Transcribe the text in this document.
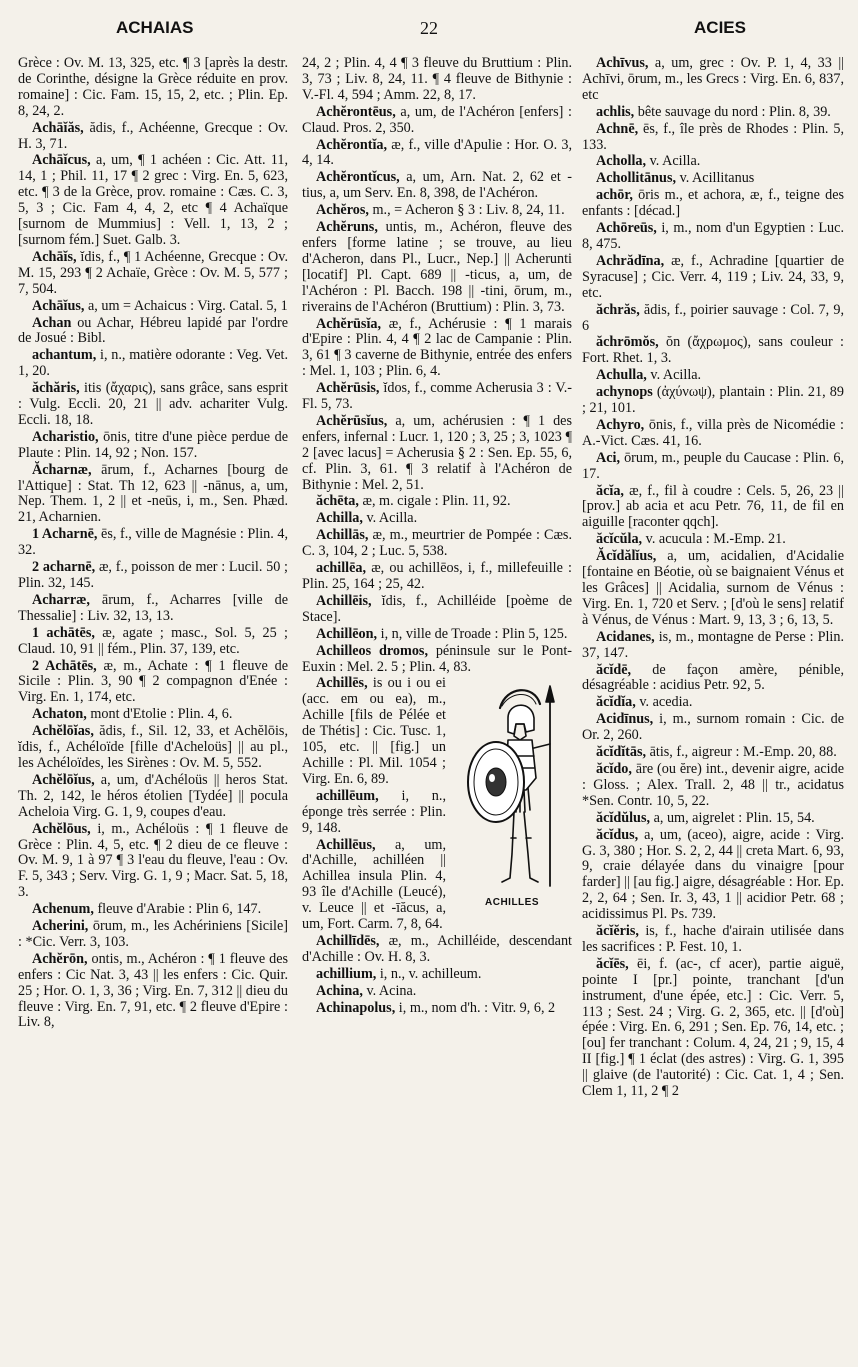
ACHAIAS	22	ACIES

Grèce : Ov. M. 13, 325, etc. ¶ 3 [après la destr. de Corinthe, désigne la Grèce réduite en prov. romaine] : Cic. Fam. 15, 15, 2, etc. ; Plin. Ep. 8, 24, 2.

Achāĭăs, ădis, f., Achéenne, Grecque : Ov. H. 3, 71.

Achāĭcus, a, um, ¶ 1 achéen : Cic. Att. 11, 14, 1 ; Phil. 11, 17 ¶ 2 grec : Virg. En. 5, 623, etc. ¶ 3 de la Grèce, prov. romaine : Cæs. C. 3, 5, 3 ; Cic. Fam 4, 4, 2, etc ¶ 4 Achaïque [surnom de Mummius] : Vell. 1, 13, 2 ; [surnom fém.] Suet. Galb. 3.

Achāĭs, ĭdis, f., ¶ 1 Achéenne, Grecque : Ov. M. 15, 293 ¶ 2 Achaïe, Grèce : Ov. M. 5, 577 ; 7, 504.

Achāĭus, a, um = Achaicus : Virg. Catal. 5, 1

Achan ou Achar, Hébreu lapidé par l'ordre de Josué : Bibl.

achantum, i, n., matière odorante : Veg. Vet. 1, 20.

ăchăris, itis (ἄχαρις), sans grâce, sans esprit : Vulg. Eccli. 20, 21 || adv. achariter Vulg. Eccli. 18, 18.

Acharistio, ōnis, titre d'une pièce perdue de Plaute : Plin. 14, 92 ; Non. 157.

Ăcharnæ, ārum, f., Acharnes [bourg de l'Attique] : Stat. Th 12, 623 || -nānus, a, um, Nep. Them. 1, 2 || et -neūs, i, m., Sen. Phæd. 21, Acharnien.

1 Acharnē, ēs, f., ville de Magnésie : Plin. 4, 32.

2 acharnē, æ, f., poisson de mer : Lucil. 50 ; Plin. 32, 145.

Acharræ, ārum, f., Acharres [ville de Thessalie] : Liv. 32, 13, 13.

1 achātēs, æ, agate ; masc., Sol. 5, 25 ; Claud. 10, 91 || fém., Plin. 37, 139, etc.

2 Achātēs, æ, m., Achate : ¶ 1 fleuve de Sicile : Plin. 3, 90 ¶ 2 compagnon d'Enée : Virg. En. 1, 174, etc.

Achaton, mont d'Etolie : Plin. 4, 6.

Achĕlōĭas, ădis, f., Sil. 12, 33, et Achĕlōis, ĭdis, f., Achéloïde [fille d'Acheloüs] || au pl., les Achéloïdes, les Sirènes : Ov. M. 5, 552.

Achĕlōĭus, a, um, d'Achéloüs || heros Stat. Th. 2, 142, le héros étolien [Tydée] || pocula Acheloia Virg. G. 1, 9, coupes d'eau.

Achĕlōus, i, m., Achéloüs : ¶ 1 fleuve de Grèce : Plin. 4, 5, etc. ¶ 2 dieu de ce fleuve : Ov. M. 9, 1 à 97 ¶ 3 l'eau du fleuve, l'eau : Ov. F. 5, 343 ; Serv. Virg. G. 1, 9 ; Macr. Sat. 5, 18, 3.

Achenum, fleuve d'Arabie : Plin 6, 147.

Acherini, ōrum, m., les Achériniens [Sicile] : *Cic. Verr. 3, 103.

Achĕrōn, ontis, m., Achéron : ¶ 1 fleuve des enfers : Cic Nat. 3, 43 || les enfers : Cic. Quir. 25 ; Hor. O. 1, 3, 36 ; Virg. En. 7, 312 || dieu du fleuve : Virg. En. 7, 91, etc. ¶ 2 fleuve d'Epire : Liv. 8,

24, 2 ; Plin. 4, 4 ¶ 3 fleuve du Bruttium : Plin. 3, 73 ; Liv. 8, 24, 11. ¶ 4 fleuve de Bithynie : V.-Fl. 4, 594 ; Amm. 22, 8, 17.

Achĕrontēus, a, um, de l'Achéron [enfers] : Claud. Pros. 2, 350.

Achĕrontĭa, æ, f., ville d'Apulie : Hor. O. 3, 4, 14.

Achĕrontĭcus, a, um, Arn. Nat. 2, 62 et -tius, a, um Serv. En. 8, 398, de l'Achéron.

Achĕros, m., = Acheron § 3 : Liv. 8, 24, 11.

Achĕruns, untis, m., Achéron, fleuve des enfers [forme latine ; se trouve, au lieu d'Acheron, dans Pl., Lucr., Nep.] || Acherunti [locatif] Pl. Capt. 689 || -ticus, a, um, de l'Achéron : Pl. Bacch. 198 || -tini, ōrum, m., riverains de l'Achéron (Bruttium) : Plin. 3, 73.

Achĕrūsĭa, æ, f., Achérusie : ¶ 1 marais d'Epire : Plin. 4, 4 ¶ 2 lac de Campanie : Plin. 3, 61 ¶ 3 caverne de Bithynie, entrée des enfers : Mel. 1, 103 ; Plin. 6, 4.

Achĕrūsis, ĭdos, f., comme Acherusia 3 : V.-Fl. 5, 73.

Achĕrūsĭus, a, um, achérusien : ¶ 1 des enfers, infernal : Lucr. 1, 120 ; 3, 25 ; 3, 1023 ¶ 2 [avec lacus] = Acherusia § 2 : Sen. Ep. 55, 6, cf. Plin. 3, 61. ¶ 3 relatif à l'Achéron de Bithynie : Mel. 2, 51.

ăchēta, æ, m. cigale : Plin. 11, 92.

Achilla, v. Acilla.

Achillās, æ, m., meurtrier de Pompée : Cæs. C. 3, 104, 2 ; Luc. 5, 538.

achillēa, æ, ou achillēos, i, f., millefeuille : Plin. 25, 164 ; 25, 42.

Achillēis, ĭdis, f., Achilléide [poème de Stace].

Achillēon, i, n, ville de Troade : Plin 5, 125.

Achilleos dromos, péninsule sur le Pont-Euxin : Mel. 2. 5 ; Plin. 4, 83.

ACHILLES

Achillēs, is ou i ou ei (acc. em ou ea), m., Achille [fils de Pélée et de Thétis] : Cic. Tusc. 1, 105, etc. || [fig.] un Achille : Pl. Mil. 1054 ; Virg. En. 6, 89.

achillēum, i, n., éponge très serrée : Plin. 9, 148.

Achillēus, a, um, d'Achille, achilléen || Achillea insula Plin. 4, 93 île d'Achille (Leucé), v. Leuce || et -īăcus, a, um, Fort. Carm. 7, 8, 64.

Achillīdēs, æ, m., Achilléide, descendant d'Achille : Ov. H. 8, 3.

achillium, i, n., v. achilleum.

Achina, v. Acina.

Achinapolus, i, m., nom d'h. : Vitr. 9, 6, 2

Achīvus, a, um, grec : Ov. P. 1, 4, 33 || Achīvi, ōrum, m., les Grecs : Virg. En. 6, 837, etc

achlis, bête sauvage du nord : Plin. 8, 39.

Achnē, ēs, f., île près de Rhodes : Plin. 5, 133.

Acholla, v. Acilla.

Achollitānus, v. Acillitanus

achōr, ōris m., et achora, æ, f., teigne des enfants : [décad.]

Achōreūs, i, m., nom d'un Egyptien : Luc. 8, 475.

Achrădīna, æ, f., Achradine [quartier de Syracuse] ; Cic. Verr. 4, 119 ; Liv. 24, 33, 9, etc.

ăchrăs, ădis, f., poirier sauvage : Col. 7, 9, 6

ăchrōmŏs, ŏn (ἄχρωμος), sans couleur : Fort. Rhet. 1, 3.

Achulla, v. Acilla.

achynops (ἀχύνωψ), plantain : Plin. 21, 89 ; 21, 101.

Achyro, ōnis, f., villa près de Nicomédie : A.-Vict. Cæs. 41, 16.

Aci, ōrum, m., peuple du Caucase : Plin. 6, 17.

ăcĭa, æ, f., fil à coudre : Cels. 5, 26, 23 || [prov.] ab acia et acu Petr. 76, 11, de fil en aiguille [raconter qqch].

ăcĭcŭla, v. acucula : M.-Emp. 21.

Ăcĭdălĭus, a, um, acidalien, d'Acidalie [fontaine en Béotie, où se baignaient Vénus et les Grâces] || Acidalia, surnom de Vénus : Virg. En. 1, 720 et Serv. ; [d'où le sens] relatif à Vénus, de Vénus : Mart. 9, 13, 3 ; 6, 13, 5.

Acidanes, is, m., montagne de Perse : Plin. 37, 147.

ăcĭdē, de façon amère, pénible, désagréable : acidius Petr. 92, 5.

ăcĭdĭa, v. acedia.

Acidīnus, i, m., surnom romain : Cic. de Or. 2, 260.

ăcĭdĭtās, ātis, f., aigreur : M.-Emp. 20, 88.

ăcĭdo, āre (ou ĕre) int., devenir aigre, acide : Gloss. ; Alex. Trall. 2, 48 || tr., acidatus *Sen. Contr. 10, 5, 22.

ăcĭdŭlus, a, um, aigrelet : Plin. 15, 54.

ăcĭdus, a, um, (aceo), aigre, acide : Virg. G. 3, 380 ; Hor. S. 2, 2, 44 || creta Mart. 6, 93, 9, craie délayée dans du vinaigre [pour farder] || [au fig.] aigre, désagréable : Hor. Ep. 2, 2, 64 ; Sen. Ir. 3, 43, 1 || acidior Petr. 68 ; acidissimus Pl. Ps. 739.

ăcĭĕris, is, f., hache d'airain utilisée dans les sacrifices : P. Fest. 10, 1.

ăcĭēs, ēi, f. (ac-, cf acer), partie aiguë, pointe I [pr.] pointe, tranchant [d'un instrument, d'une épée, etc.] : Cic. Verr. 5, 113 ; Sest. 24 ; Virg. G. 2, 365, etc. || [d'où] épée : Virg. En. 6, 291 ; Sen. Ep. 76, 14, etc. ; [ou] fer tranchant : Colum. 4, 24, 21 ; 9, 15, 4 II [fig.] ¶ 1 éclat (des astres) : Virg. G. 1, 395 || glaive (de l'autorité) : Cic. Cat. 1, 4 ; Sen. Clem 1, 11, 2 ¶ 2
